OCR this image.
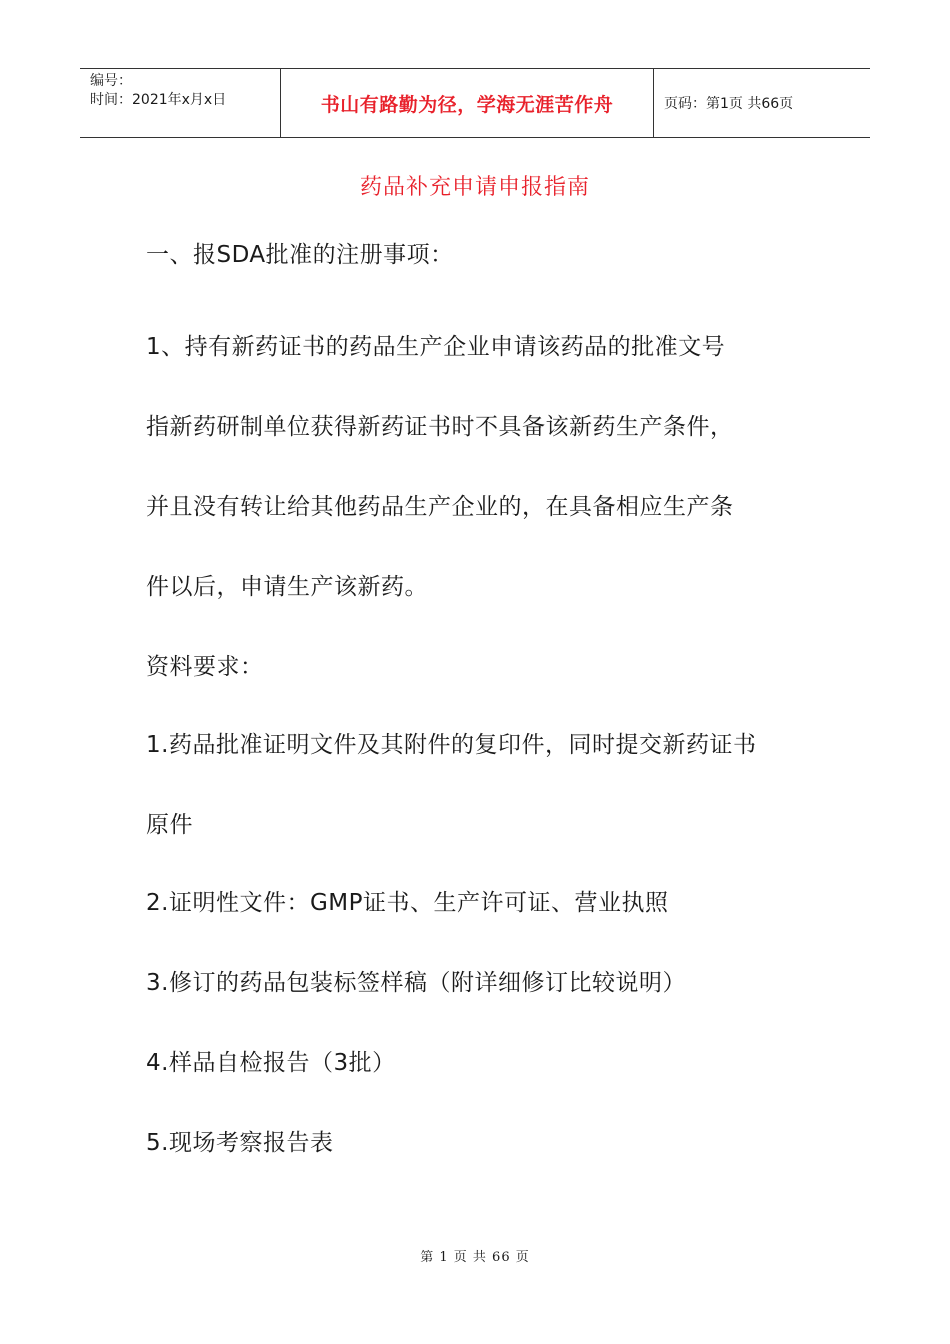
编号：
时间：2021年x月x日	书山有路勤为径，学海无涯苦作舟	页码：第1页 共66页
药品补充申请申报指南
一、报SDA批准的注册事项：
1、持有新药证书的药品生产企业申请该药品的批准文号
指新药研制单位获得新药证书时不具备该新药生产条件，
并且没有转让给其他药品生产企业的，在具备相应生产条
件以后，申请生产该新药。
资料要求：
1.药品批准证明文件及其附件的复印件，同时提交新药证书
原件
2.证明性文件：GMP证书、生产许可证、营业执照
3.修订的药品包装标签样稿（附详细修订比较说明）
4.样品自检报告（3批）
5.现场考察报告表
第 1 页 共 66 页
